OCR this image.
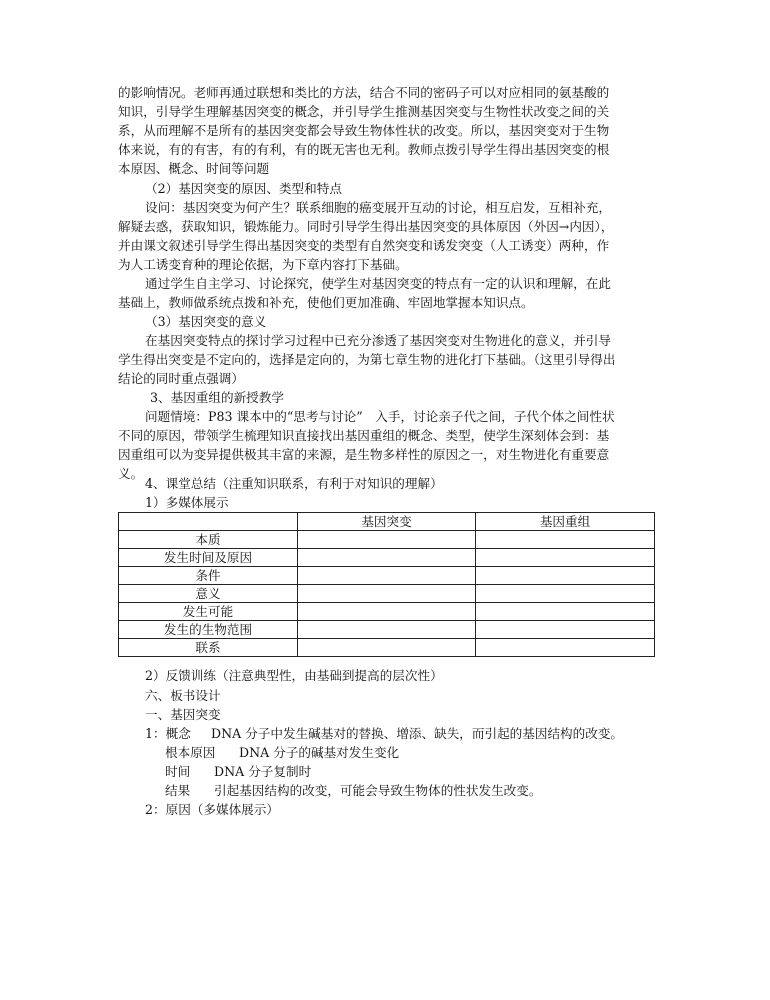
的影响情况。老师再通过联想和类比的方法，结合不同的密码子可以对应相同的氨基酸的
知识，引导学生理解基因突变的概念，并引导学生推测基因突变与生物性状改变之间的关
系，从而理解不是所有的基因突变都会导致生物体性状的改变。所以，基因突变对于生物
体来说，有的有害，有的有利，有的既无害也无利。教师点拨引导学生得出基因突变的根
本原因、概念、时间等问题
（2）基因突变的原因、类型和特点
设问：基因突变为何产生？联系细胞的癌变展开互动的讨论，相互启发，互相补充，
解疑去惑，获取知识，锻炼能力。同时引导学生得出基因突变的具体原因（外因→内因），
并由课文叙述引导学生得出基因突变的类型有自然突变和诱发突变（人工诱变）两种，作
为人工诱变育种的理论依据，为下章内容打下基础。
通过学生自主学习、讨论探究，使学生对基因突变的特点有一定的认识和理解，在此
基础上，教师做系统点拨和补充，使他们更加准确、牢固地掌握本知识点。
（3）基因突变的意义
在基因突变特点的探讨学习过程中已充分渗透了基因突变对生物进化的意义，并引导
学生得出突变是不定向的，选择是定向的，为第七章生物的进化打下基础。（这里引导得出
结论的同时重点强调）
3、基因重组的新授教学
问题情境：P83 课本中的“思考与讨论”　入手，讨论亲子代之间，子代个体之间性状
不同的原因，带领学生梳理知识直接找出基因重组的概念、类型，使学生深刻体会到：基
因重组可以为变异提供极其丰富的来源，是生物多样性的原因之一，对生物进化有重要意
义。
4、课堂总结（注重知识联系，有利于对知识的理解）
1）多媒体展示
	基因突变	基因重组
本质		
发生时间及原因		
条件		
意义		
发生可能		
发生的生物范围		
联系		
2）反馈训练（注意典型性，由基础到提高的层次性）
六、板书设计
一、基因突变
1：概念 DNA 分子中发生碱基对的替换、增添、缺失，而引起的基因结构的改变。
根本原因 DNA 分子的碱基对发生变化
时间 DNA 分子复制时
结果 引起基因结构的改变，可能会导致生物体的性状发生改变。
2：原因（多媒体展示）
